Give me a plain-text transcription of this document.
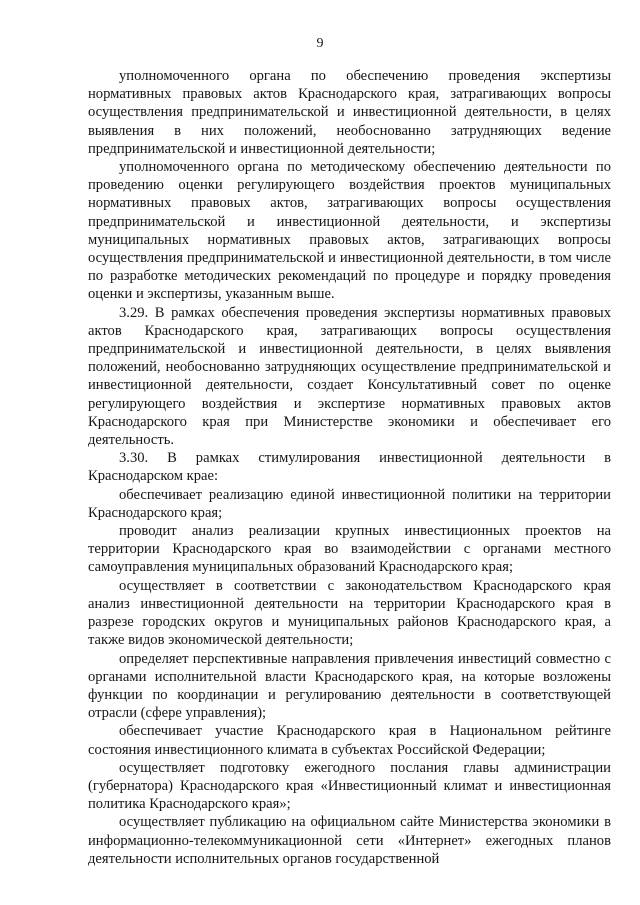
9

уполномоченного органа по обеспечению проведения экспертизы нормативных правовых актов Краснодарского края, затрагивающих вопросы осуществления предпринимательской и инвестиционной деятельности, в целях выявления в них положений, необоснованно затрудняющих ведение предпринимательской и инвестиционной деятельности;

уполномоченного органа по методическому обеспечению деятельности по проведению оценки регулирующего воздействия проектов муниципальных нормативных правовых актов, затрагивающих вопросы осуществления предпринимательской и инвестиционной деятельности, и экспертизы муниципальных нормативных правовых актов, затрагивающих вопросы осуществления предпринимательской и инвестиционной деятельности, в том числе по разработке методических рекомендаций по процедуре и порядку проведения оценки и экспертизы, указанным выше.

3.29. В рамках обеспечения проведения экспертизы нормативных правовых актов Краснодарского края, затрагивающих вопросы осуществления предпринимательской и инвестиционной деятельности, в целях выявления положений, необоснованно затрудняющих осуществление предпринимательской и инвестиционной деятельности, создает Консультативный совет по оценке регулирующего воздействия и экспертизе нормативных правовых актов Краснодарского края при Министерстве экономики и обеспечивает его деятельность.

3.30. В рамках стимулирования инвестиционной деятельности в Краснодарском крае:

обеспечивает реализацию единой инвестиционной политики на территории Краснодарского края;

проводит анализ реализации крупных инвестиционных проектов на территории Краснодарского края во взаимодействии с органами местного самоуправления муниципальных образований Краснодарского края;

осуществляет в соответствии с законодательством Краснодарского края анализ инвестиционной деятельности на территории Краснодарского края в разрезе городских округов и муниципальных районов Краснодарского края, а также видов экономической деятельности;

определяет перспективные направления привлечения инвестиций совместно с органами исполнительной власти Краснодарского края, на которые возложены функции по координации и регулированию деятельности в соответствующей отрасли (сфере управления);

обеспечивает участие Краснодарского края в Национальном рейтинге состояния инвестиционного климата в субъектах Российской Федерации;

осуществляет подготовку ежегодного послания главы администрации (губернатора) Краснодарского края «Инвестиционный климат и инвестиционная политика Краснодарского края»;

осуществляет публикацию на официальном сайте Министерства экономики в информационно-телекоммуникационной сети «Интернет» ежегодных планов деятельности исполнительных органов государственной
